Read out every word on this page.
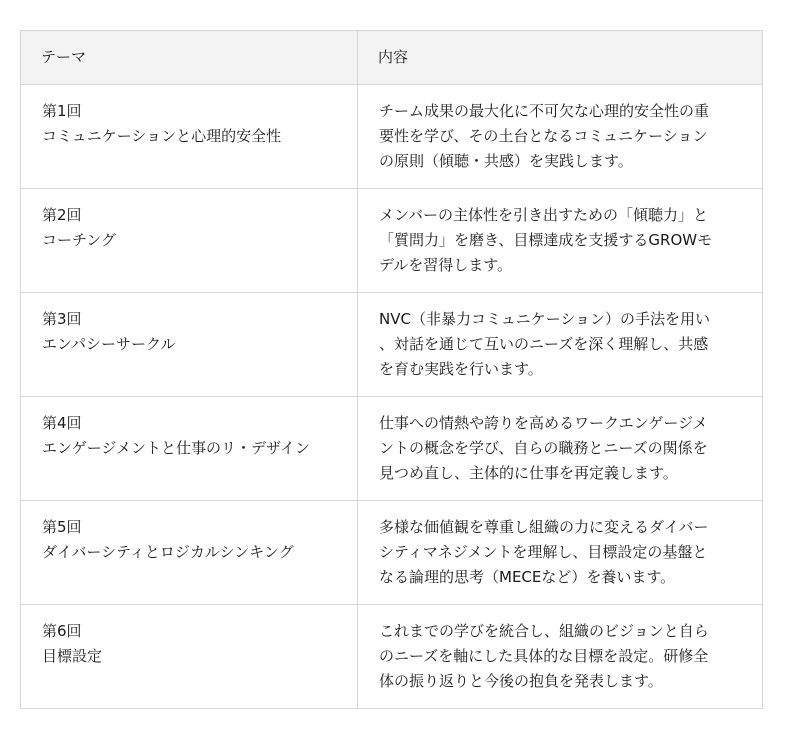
テーマ	内容

第1回
コミュニケーションと心理的安全性	チーム成果の最大化に不可欠な心理的安全性の重
要性を学び、その土台となるコミュニケーション
の原則（傾聴・共感）を実践します。

第2回
コーチング	メンバーの主体性を引き出すための「傾聴力」と
「質問力」を磨き、目標達成を支援するGROWモ
デルを習得します。

第3回
エンパシーサークル	NVC（非暴力コミュニケーション）の手法を用い
、対話を通じて互いのニーズを深く理解し、共感
を育む実践を行います。

第4回
エンゲージメントと仕事のリ・デザイン	仕事への情熱や誇りを高めるワークエンゲージメ
ントの概念を学び、自らの職務とニーズの関係を
見つめ直し、主体的に仕事を再定義します。

第5回
ダイバーシティとロジカルシンキング	多様な価値観を尊重し組織の力に変えるダイバー
シティマネジメントを理解し、目標設定の基盤と
なる論理的思考（MECEなど）を養います。

第6回
目標設定	これまでの学びを統合し、組織のビジョンと自ら
のニーズを軸にした具体的な目標を設定。研修全
体の振り返りと今後の抱負を発表します。
